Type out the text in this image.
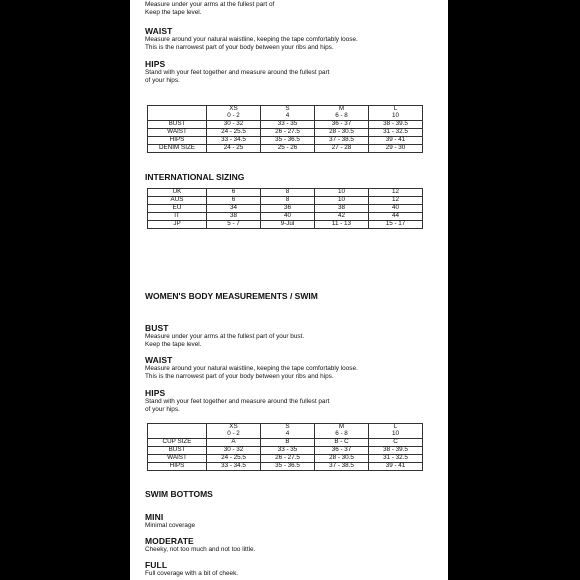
Measure under your arms at the fullest part of
Keep the tape level.
WAIST
Measure around your natural waistline, keeping the tape comfortably loose.
This is the narrowest part of your body between your ribs and hips.
HIPS
Stand with your feet together and measure around the fullest part
of your hips.
	XS	S	M	L
	0 - 2	4	6 - 8	10
BUST	30 - 32	33 - 35	36 - 37	38 - 39.5
WAIST	24 - 25.5	26 - 27.5	28 - 30.5	31 - 32.5
HIPS	33 - 34.5	35 - 36.5	37 - 38.5	39 - 41
DENIM SIZE	24 - 25	25 - 26	27 - 28	29 - 30
INTERNATIONAL SIZING
UK	6	8	10	12
AUS	6	8	10	12
EU	34	36	38	40
IT	38	40	42	44
JP	5 - 7	9-Jul	11 - 13	15 - 17
WOMEN'S BODY MEASUREMENTS / SWIM
BUST
Measure under your arms at the fullest part of your bust.
Keep the tape level.
WAIST
Measure around your natural waistline, keeping the tape comfortably loose.
This is the narrowest part of your body between your ribs and hips.
HIPS
Stand with your feet together and measure around the fullest part
of your hips.
	XS	S	M	L
	0 - 2	4	6 - 8	10
CUP SIZE	A	B	B - C	C
BUST	30 - 32	33 - 35	36 - 37	38 - 39.5
WAIST	24 - 25.5	26 - 27.5	28 - 30.5	31 - 32.5
HIPS	33 - 34.5	35 - 36.5	37 - 38.5	39 - 41
SWIM BOTTOMS
MINI
Minimal coverage
MODERATE
Cheeky, not too much and not too little.
FULL
Full coverage with a bit of cheek.
